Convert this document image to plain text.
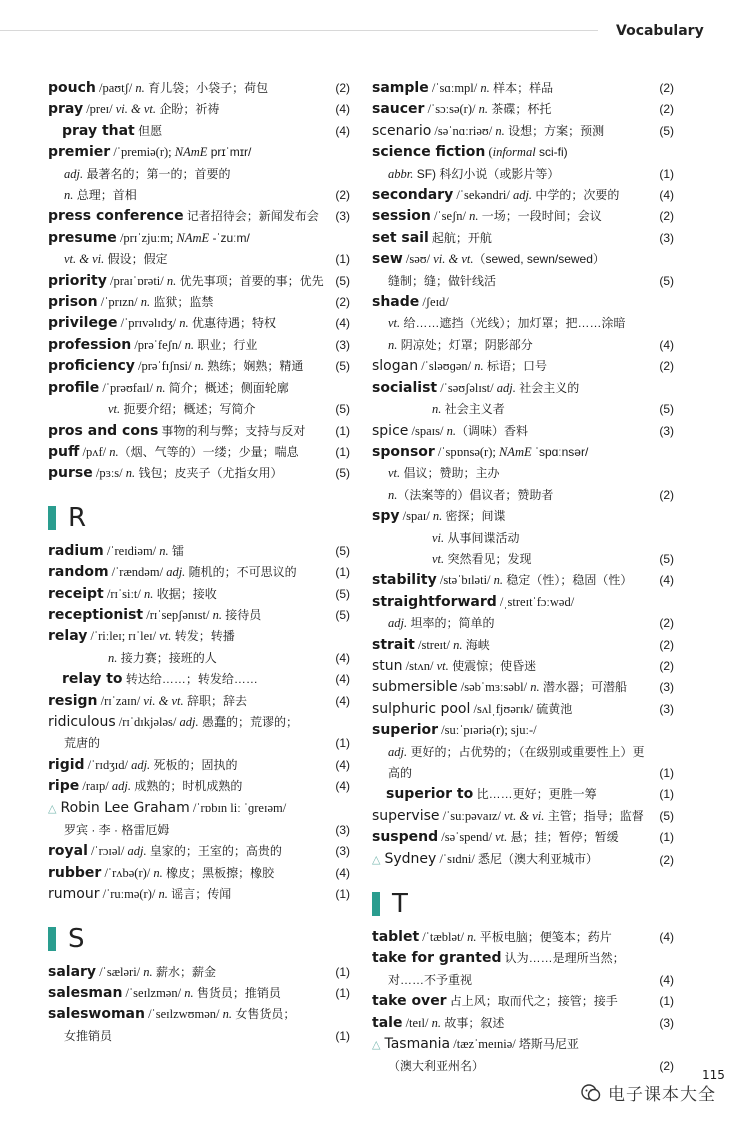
Vocabulary
pouch /paʊtʃ/ n. 育儿袋；小袋子；荷包	(2)
pray /preɪ/ vi. & vt. 企盼；祈祷	(4)
pray that 但愿	(4)
premier /ˈpremiə(r); NAmE prɪˈmɪr/
adj. 最著名的；第一的；首要的
n. 总理；首相	(2)
press conference 记者招待会；新闻发布会 (3)
presume /prɪˈzjuːm; NAmE -ˈzuːm/
vt. & vi. 假设；假定	(1)
priority /praɪˈɒrəti/ n. 优先事项；首要的事；优先 (5)
prison /ˈprɪzn/ n. 监狱；监禁	(2)
privilege /ˈprɪvəlɪdʒ/ n. 优惠待遇；特权	(4)
profession /prəˈfeʃn/ n. 职业；行业	(3)
proficiency /prəˈfɪʃnsi/ n. 熟练；娴熟；精通	(5)
profile /ˈprəʊfaɪl/ n. 简介；概述；侧面轮廓
vt. 扼要介绍；概述；写简介	(5)
pros and cons 事物的利与弊；支持与反对 (1)
puff /pʌf/ n.（烟、气等的）一缕；少量；喘息	(1)
purse /pɜːs/ n. 钱包；皮夹子（尤指女用）	(5)
R
radium /ˈreɪdiəm/ n. 镭	(5)
random /ˈrændəm/ adj. 随机的；不可思议的	(1)
receipt /rɪˈsiːt/ n. 收据；接收	(5)
receptionist /rɪˈsepʃənɪst/ n. 接待员	(5)
relay /ˈriːleɪ; rɪˈleɪ/ vt. 转发；转播
n. 接力赛；接班的人	(4)
relay to 转达给……；转发给……	(4)
resign /rɪˈzaɪn/ vi. & vt. 辞职；辞去	(4)
ridiculous /rɪˈdɪkjələs/ adj. 愚蠢的；荒谬的；
荒唐的	(1)
rigid /ˈrɪdʒɪd/ adj. 死板的；固执的	(4)
ripe /raɪp/ adj. 成熟的；时机成熟的	(4)
△ Robin Lee Graham /ˈrɒbɪn liː ˈɡreɪəm/
罗宾 · 李 · 格雷厄姆	(3)
royal /ˈrɔɪəl/ adj. 皇家的；王室的；高贵的	(3)
rubber /ˈrʌbə(r)/ n. 橡皮；黑板擦；橡胶	(4)
rumour /ˈruːmə(r)/ n. 谣言；传闻	(1)
S
salary /ˈsæləri/ n. 薪水；薪金	(1)
salesman /ˈseɪlzmən/ n. 售货员；推销员	(1)
saleswoman /ˈseɪlzwʊmən/ n. 女售货员；
女推销员	(1)
sample /ˈsɑːmpl/ n. 样本；样品	(2)
saucer /ˈsɔːsə(r)/ n. 茶碟；杯托	(2)
scenario /səˈnɑːriəʊ/ n. 设想；方案；预测	(5)
science fiction (informal sci-fi)
abbr. SF) 科幻小说（或影片等）	(1)
secondary /ˈsekəndri/ adj. 中学的；次要的	(4)
session /ˈseʃn/ n. 一场；一段时间；会议	(2)
set sail 起航；开航	(3)
sew /səʊ/ vi. & vt.（sewed, sewn/sewed）
缝制；缝；做针线活	(5)
shade /ʃeɪd/
vt. 给……遮挡（光线）；加灯罩；把……涂暗
n. 阴凉处；灯罩；阴影部分	(4)
slogan /ˈsləʊɡən/ n. 标语；口号	(2)
socialist /ˈsəʊʃəlɪst/ adj. 社会主义的
n. 社会主义者	(5)
spice /spaɪs/ n.（调味）香料	(3)
sponsor /ˈspɒnsə(r); NAmE ˈspɑːnsər/
vt. 倡议；赞助；主办
n.（法案等的）倡议者；赞助者	(2)
spy /spaɪ/ n. 密探；间谍
vi. 从事间谍活动
vt. 突然看见；发现	(5)
stability /stəˈbɪləti/ n. 稳定（性）；稳固（性） (4)
straightforward /ˌstreɪtˈfɔːwəd/
adj. 坦率的；简单的	(2)
strait /streɪt/ n. 海峡	(2)
stun /stʌn/ vt. 使震惊；使昏迷	(2)
submersible /səbˈmɜːsəbl/ n. 潜水器；可潜船	(3)
sulphuric pool /sʌlˌfjʊərɪk/ 硫黄池	(3)
superior /suːˈpɪəriə(r); sjuː-/
adj. 更好的；占优势的；（在级别或重要性上）更高的	(1)
superior to 比……更好；更胜一筹	(1)
supervise /ˈsuːpəvaɪz/ vt. & vi. 主管；指导；监督 (5)
suspend /səˈspend/ vt. 悬；挂；暂停；暂缓	(1)
△ Sydney /ˈsɪdni/ 悉尼（澳大利亚城市）	(2)
T
tablet /ˈtæblət/ n. 平板电脑；便笺本；药片	(4)
take for granted 认为……是理所当然；
对……不予重视	(4)
take over 占上风；取而代之；接管；接手	(1)
tale /teɪl/ n. 故事；叙述	(3)
△ Tasmania /tæzˈmeɪniə/ 塔斯马尼亚
（澳大利亚州名）	(2)
115
电子课本大全
